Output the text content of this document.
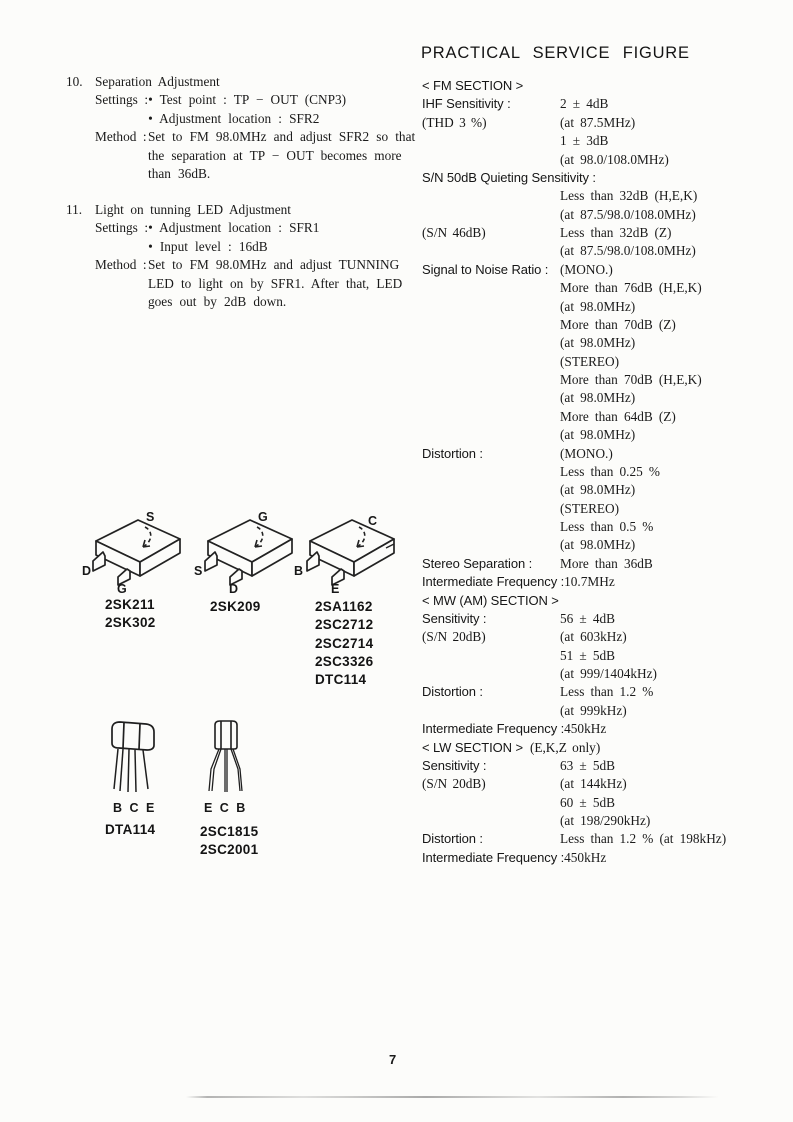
PRACTICAL SERVICE FIGURE
10. Separation Adjustment
Settings : • Test point : TP − OUT (CNP3)
• Adjustment location : SFR2
Method : Set to FM 98.0MHz and adjust SFR2 so that
the separation at TP − OUT becomes more
than 36dB.
11. Light on tunning LED Adjustment
Settings : • Adjustment location : SFR1
• Input level : 16dB
Method : Set to FM 98.0MHz and adjust TUNNING
LED to light on by SFR1. After that, LED
goes out by 2dB down.
S
D
G
2SK211
2SK302
G
S
D
2SK209
C
B
E
2SA1162
2SC2712
2SC2714
2SC3326
DTC114
B C E
DTA114
E C B
2SC1815
2SC2001
< FM SECTION >
IHF Sensitivity :	2 ± 4dB
(THD 3 %)	(at 87.5MHz)
1 ± 3dB
(at 98.0/108.0MHz)
S/N 50dB Quieting Sensitivity :
Less than 32dB (H,E,K)
(at 87.5/98.0/108.0MHz)
(S/N 46dB)	Less than 32dB (Z)
(at 87.5/98.0/108.0MHz)
Signal to Noise Ratio : (MONO.)
More than 76dB (H,E,K)
(at 98.0MHz)
More than 70dB (Z)
(at 98.0MHz)
(STEREO)
More than 70dB (H,E,K)
(at 98.0MHz)
More than 64dB (Z)
(at 98.0MHz)
Distortion :	(MONO.)
Less than 0.25 %
(at 98.0MHz)
(STEREO)
Less than 0.5 %
(at 98.0MHz)
Stereo Separation :	More than 36dB
Intermediate Frequency : 10.7MHz
< MW (AM) SECTION >
Sensitivity :	56 ± 4dB
(S/N 20dB)	(at 603kHz)
51 ± 5dB
(at 999/1404kHz)
Distortion :	Less than 1.2 %
(at 999kHz)
Intermediate Frequency : 450kHz
< LW SECTION > (E,K,Z only)
Sensitivity :	63 ± 5dB
(S/N 20dB)	(at 144kHz)
60 ± 5dB
(at 198/290kHz)
Distortion :	Less than 1.2 % (at 198kHz)
Intermediate Frequency : 450kHz
7
